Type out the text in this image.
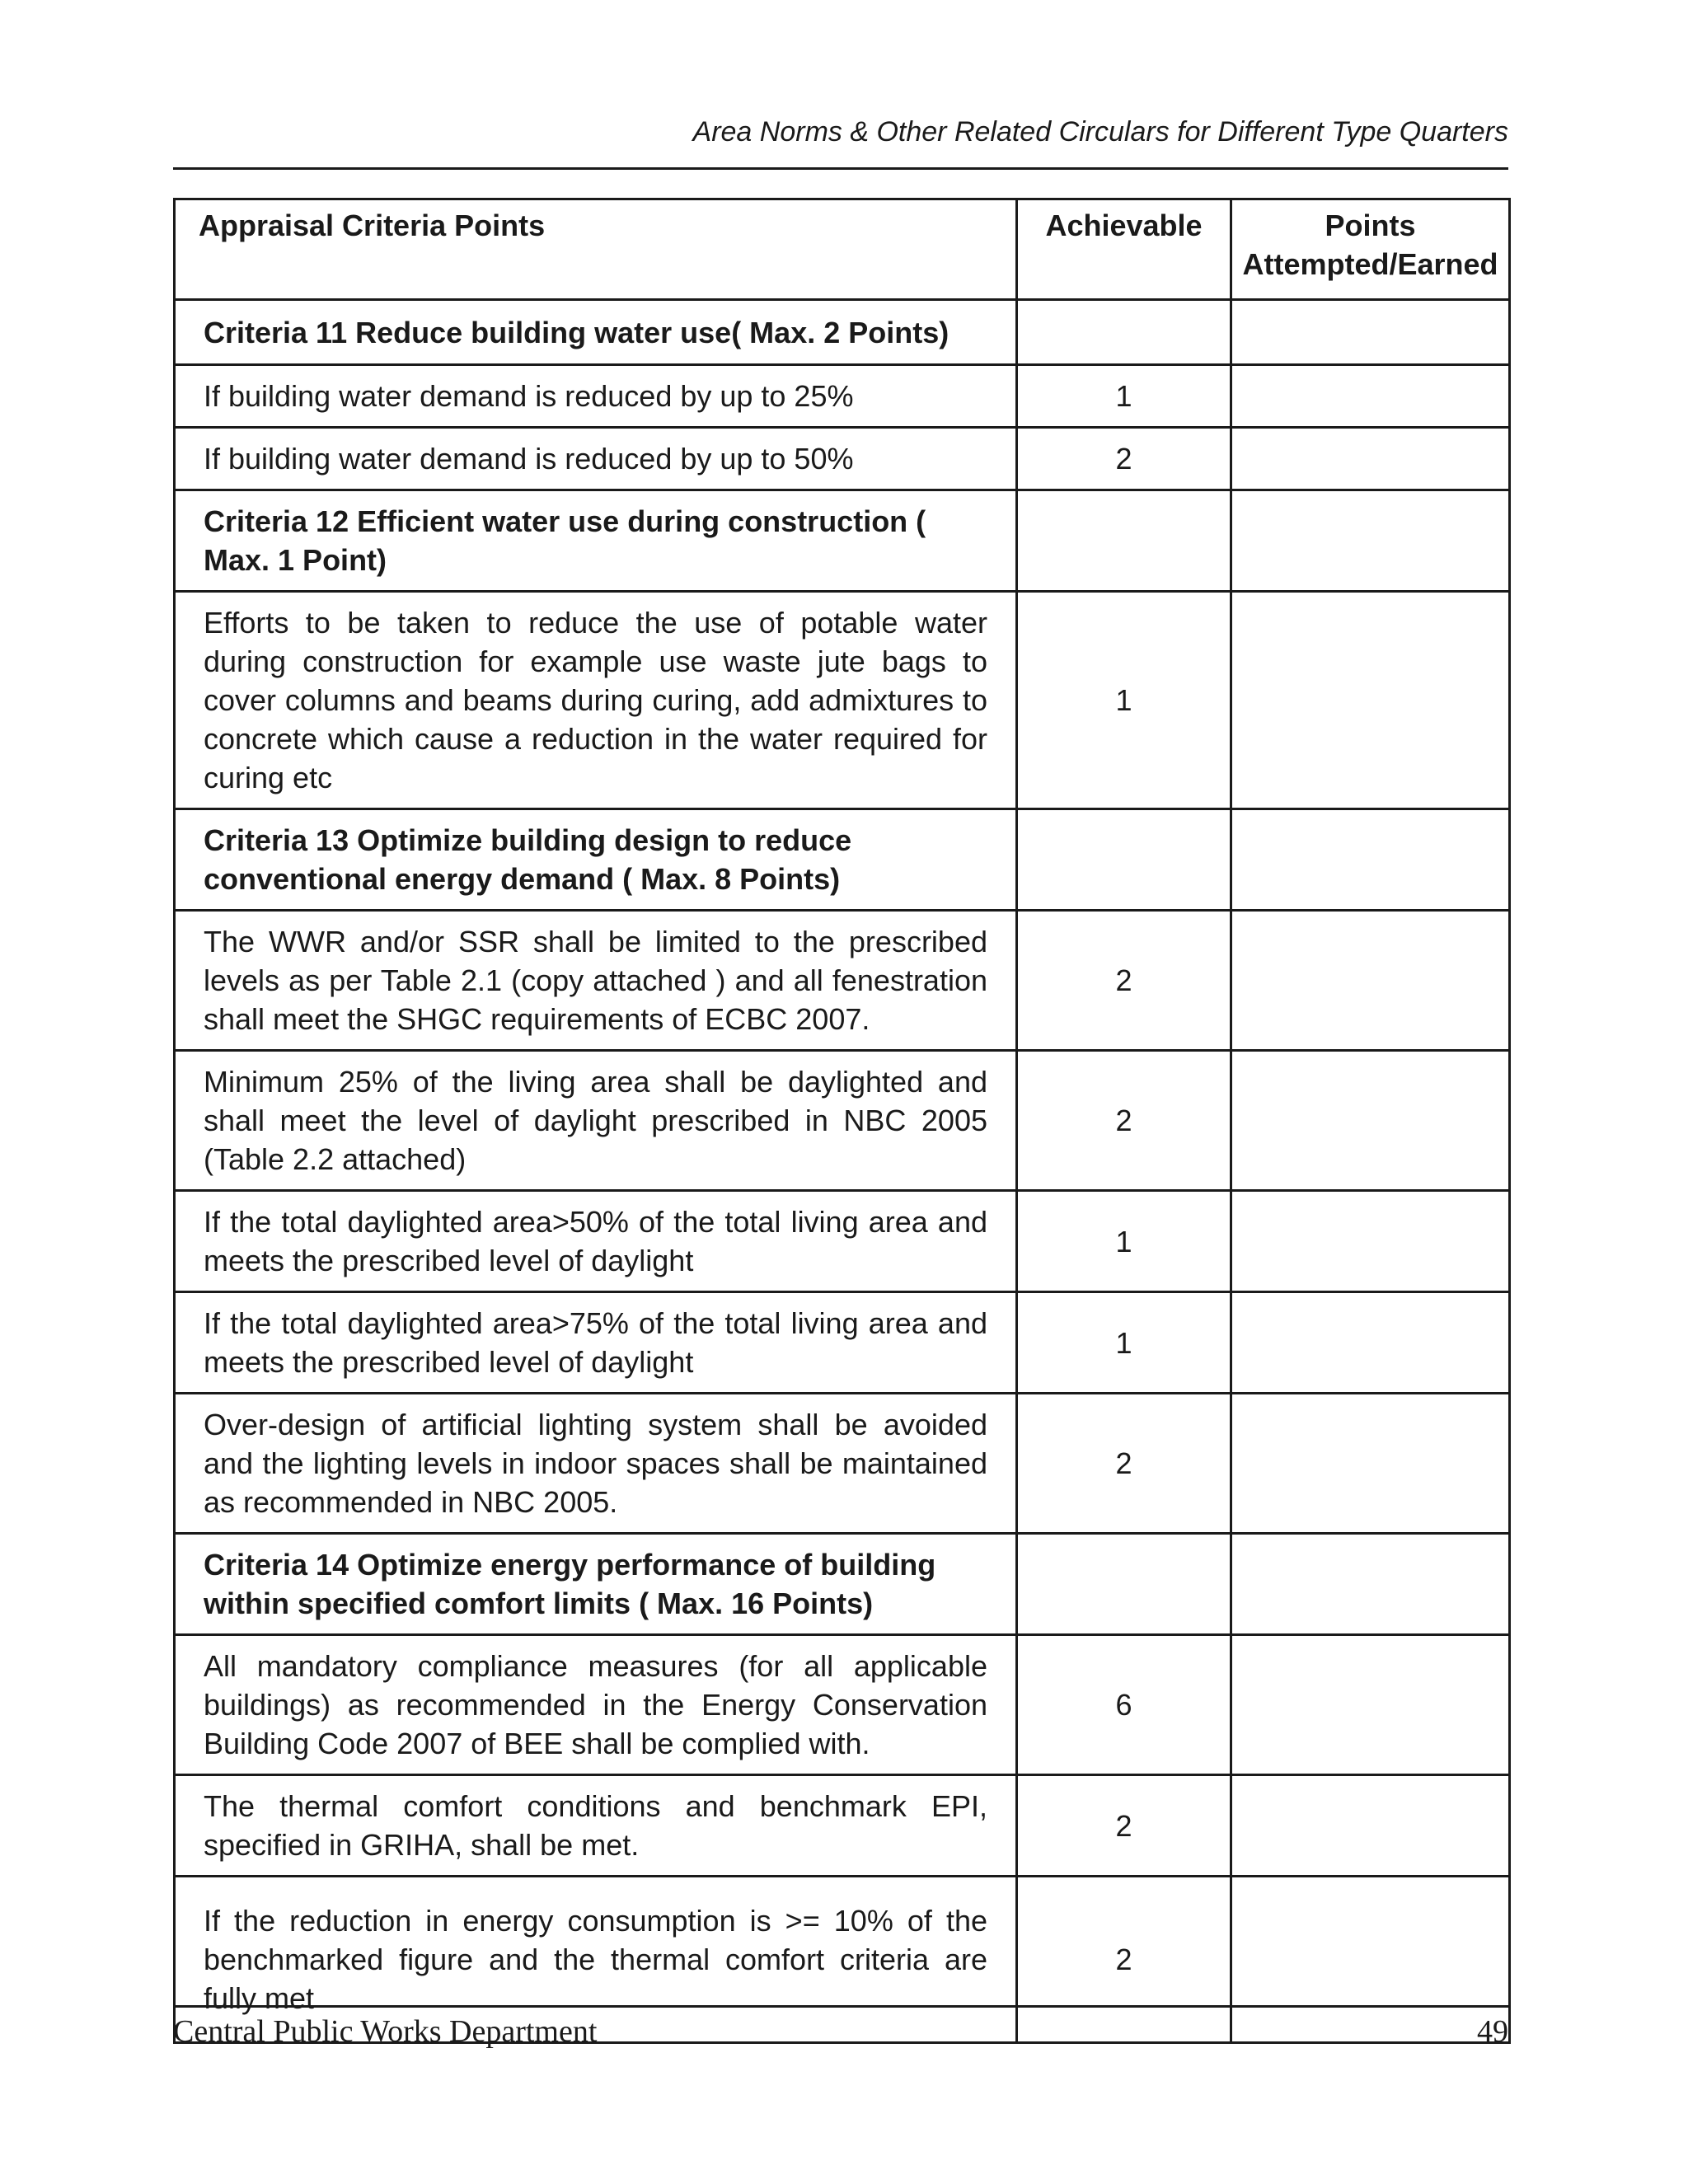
Area Norms & Other Related Circulars for Different Type Quarters
Appraisal Criteria Points	Achievable	Points Attempted/Earned
Criteria 11 Reduce building water use( Max. 2 Points)		
If building water demand is reduced by up to 25%	1	
If building water demand is reduced by up to 50%	2	
Criteria 12 Efficient water use during construction ( Max. 1 Point)		
Efforts to be taken to reduce the use of potable water during construction for example use waste jute bags to cover columns and beams during curing, add admixtures to concrete which cause a reduction in the water required for curing etc	1	
Criteria 13 Optimize building design to reduce conventional energy demand ( Max. 8 Points)		
The WWR and/or SSR shall be limited to the prescribed levels as per Table 2.1 (copy attached ) and all fenestration shall meet the SHGC requirements of ECBC 2007.	2	
Minimum 25% of the living area shall be daylighted and shall meet the level of daylight prescribed in NBC 2005 (Table 2.2 attached)	2	
If the total daylighted area>50% of the total living area and meets the prescribed level of daylight	1	
If the total daylighted area>75% of the total living area and meets the prescribed level of daylight	1	
Over-design of artificial lighting system shall be avoided and the lighting levels in indoor spaces shall be maintained as recommended in NBC 2005.	2	
Criteria 14 Optimize energy performance of building within specified comfort limits ( Max. 16 Points)		
All mandatory compliance measures (for all applicable buildings) as recommended in the Energy Conservation Building Code 2007 of BEE shall be complied with.	6	
The thermal comfort conditions and benchmark EPI, specified in GRIHA, shall be met.	2	
If the reduction in energy consumption is >= 10% of the benchmarked figure and the thermal comfort criteria are fully met	2	
Central Public Works Department	49
